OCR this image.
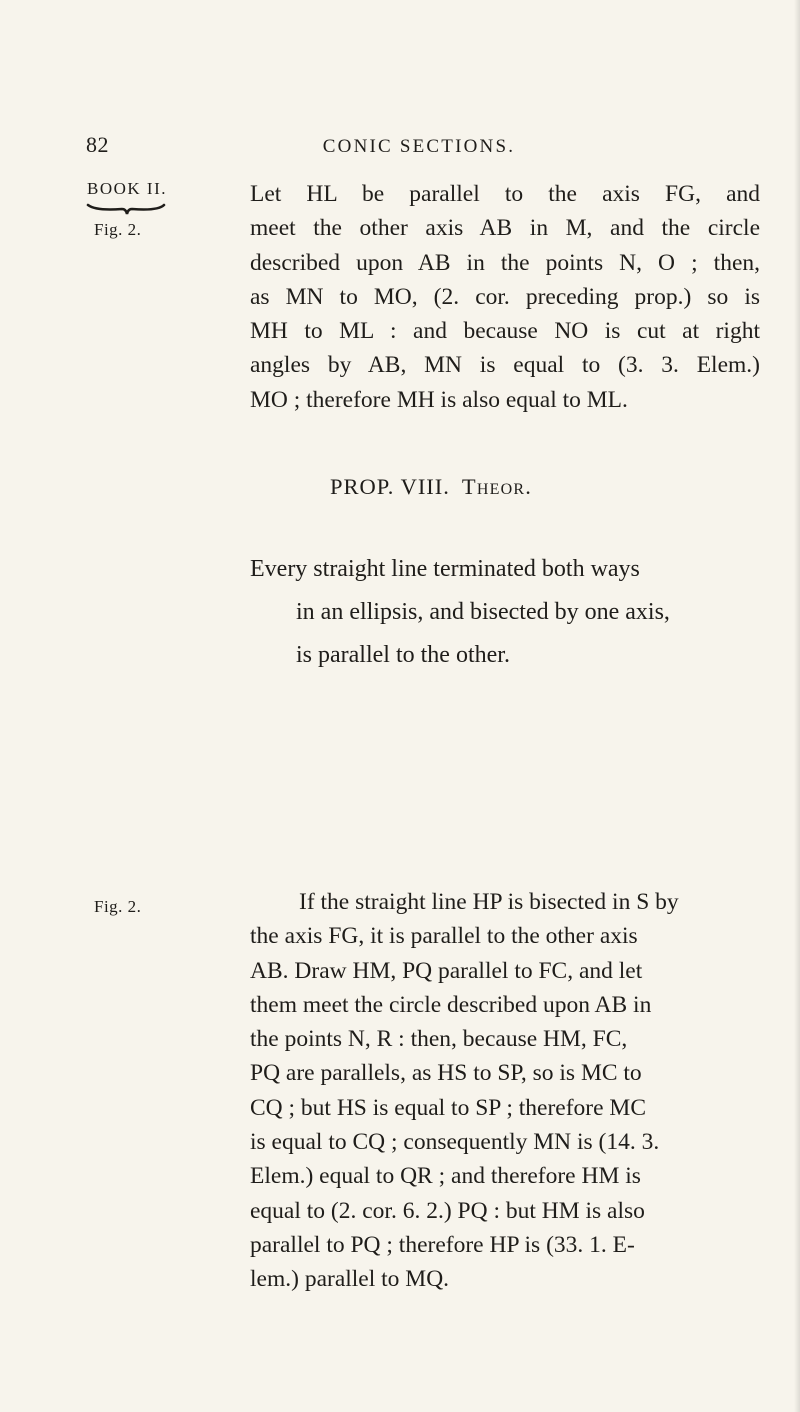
82	CONIC SECTIONS.
BOOK II.
Fig. 2.
Fig. 2.
Let HL be parallel to the axis FG, and
meet the other axis AB in M, and the circle
described upon AB in the points N, O ; then,
as MN to MO, (2. cor. preceding prop.) so is
MH to ML : and because NO is cut at right
angles by AB, MN is equal to (3. 3. Elem.)
MO ; therefore MH is also equal to ML.
PROP. VIII. Theor.
Every straight line terminated both ways
in an ellipsis, and bisected by one axis,
is parallel to the other.
If the straight line HP is bisected in S by
the axis FG, it is parallel to the other axis
AB. Draw HM, PQ parallel to FC, and let
them meet the circle described upon AB in
the points N, R : then, because HM, FC,
PQ are parallels, as HS to SP, so is MC to
CQ ; but HS is equal to SP ; therefore MC
is equal to CQ ; consequently MN is (14. 3.
Elem.) equal to QR ; and therefore HM is
equal to (2. cor. 6. 2.) PQ : but HM is also
parallel to PQ ; therefore HP is (33. 1. E-
lem.) parallel to MQ.
